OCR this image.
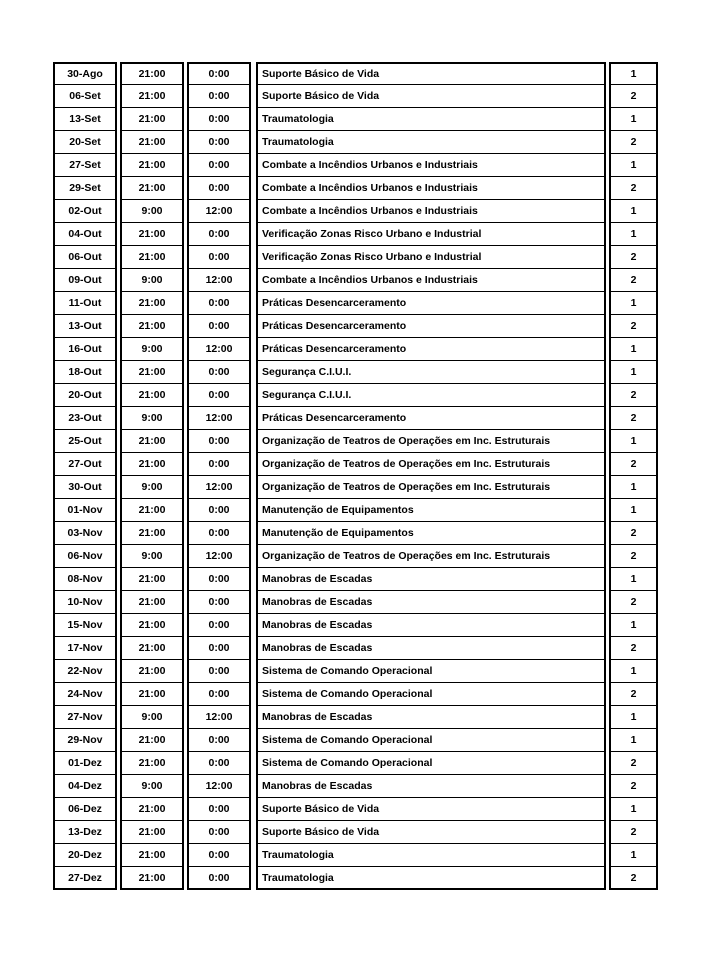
30-Ago	21:00	0:00	Suporte Básico de Vida	1
06-Set	21:00	0:00	Suporte Básico de Vida	2
13-Set	21:00	0:00	Traumatologia	1
20-Set	21:00	0:00	Traumatologia	2
27-Set	21:00	0:00	Combate a Incêndios Urbanos e Industriais	1
29-Set	21:00	0:00	Combate a Incêndios Urbanos e Industriais	2
02-Out	9:00	12:00	Combate a Incêndios Urbanos e Industriais	1
04-Out	21:00	0:00	Verificação Zonas Risco Urbano e Industrial	1
06-Out	21:00	0:00	Verificação Zonas Risco Urbano e Industrial	2
09-Out	9:00	12:00	Combate a Incêndios Urbanos e Industriais	2
11-Out	21:00	0:00	Práticas Desencarceramento	1
13-Out	21:00	0:00	Práticas Desencarceramento	2
16-Out	9:00	12:00	Práticas Desencarceramento	1
18-Out	21:00	0:00	Segurança C.I.U.I.	1
20-Out	21:00	0:00	Segurança C.I.U.I.	2
23-Out	9:00	12:00	Práticas Desencarceramento	2
25-Out	21:00	0:00	Organização de Teatros de Operações em Inc. Estruturais	1
27-Out	21:00	0:00	Organização de Teatros de Operações em Inc. Estruturais	2
30-Out	9:00	12:00	Organização de Teatros de Operações em Inc. Estruturais	1
01-Nov	21:00	0:00	Manutenção de Equipamentos	1
03-Nov	21:00	0:00	Manutenção de Equipamentos	2
06-Nov	9:00	12:00	Organização de Teatros de Operações em Inc. Estruturais	2
08-Nov	21:00	0:00	Manobras de Escadas	1
10-Nov	21:00	0:00	Manobras de Escadas	2
15-Nov	21:00	0:00	Manobras de Escadas	1
17-Nov	21:00	0:00	Manobras de Escadas	2
22-Nov	21:00	0:00	Sistema de Comando Operacional	1
24-Nov	21:00	0:00	Sistema de Comando Operacional	2
27-Nov	9:00	12:00	Manobras de Escadas	1
29-Nov	21:00	0:00	Sistema de Comando Operacional	1
01-Dez	21:00	0:00	Sistema de Comando Operacional	2
04-Dez	9:00	12:00	Manobras de Escadas	2
06-Dez	21:00	0:00	Suporte Básico de Vida	1
13-Dez	21:00	0:00	Suporte Básico de Vida	2
20-Dez	21:00	0:00	Traumatologia	1
27-Dez	21:00	0:00	Traumatologia	2
